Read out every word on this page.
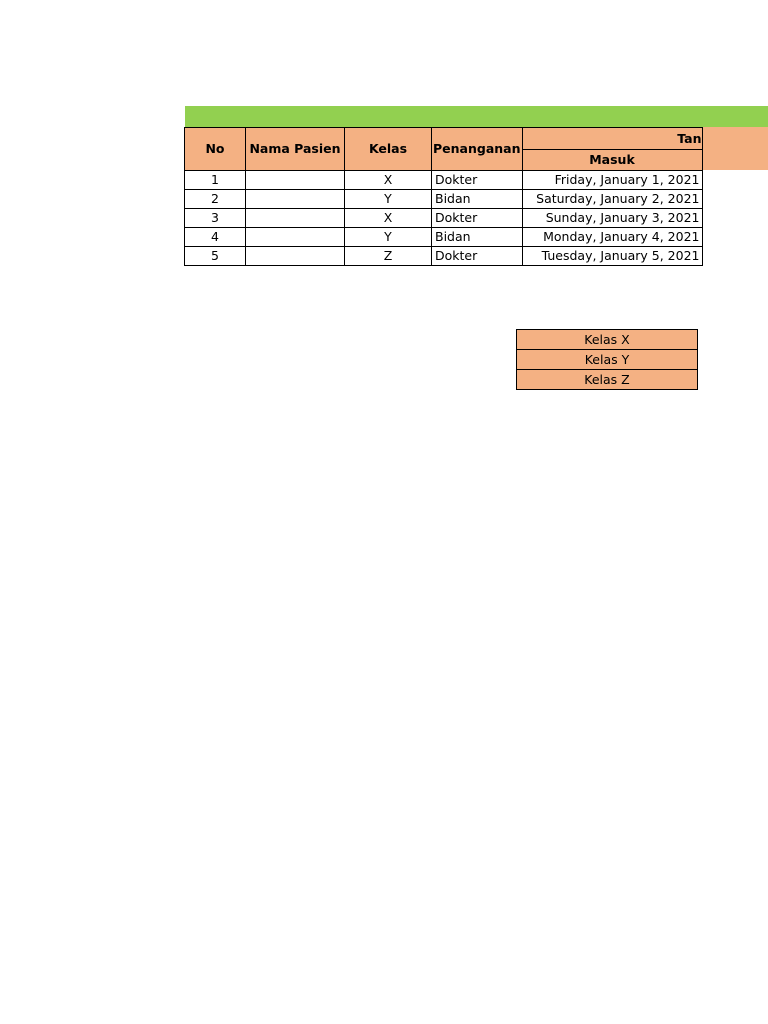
No	Nama Pasien	Kelas	Penanganan	Tan
				Masuk
1		X	Dokter	Friday, January 1, 2021
2		Y	Bidan	Saturday, January 2, 2021
3		X	Dokter	Sunday, January 3, 2021
4		Y	Bidan	Monday, January 4, 2021
5		Z	Dokter	Tuesday, January 5, 2021
Kelas X
Kelas Y
Kelas Z
